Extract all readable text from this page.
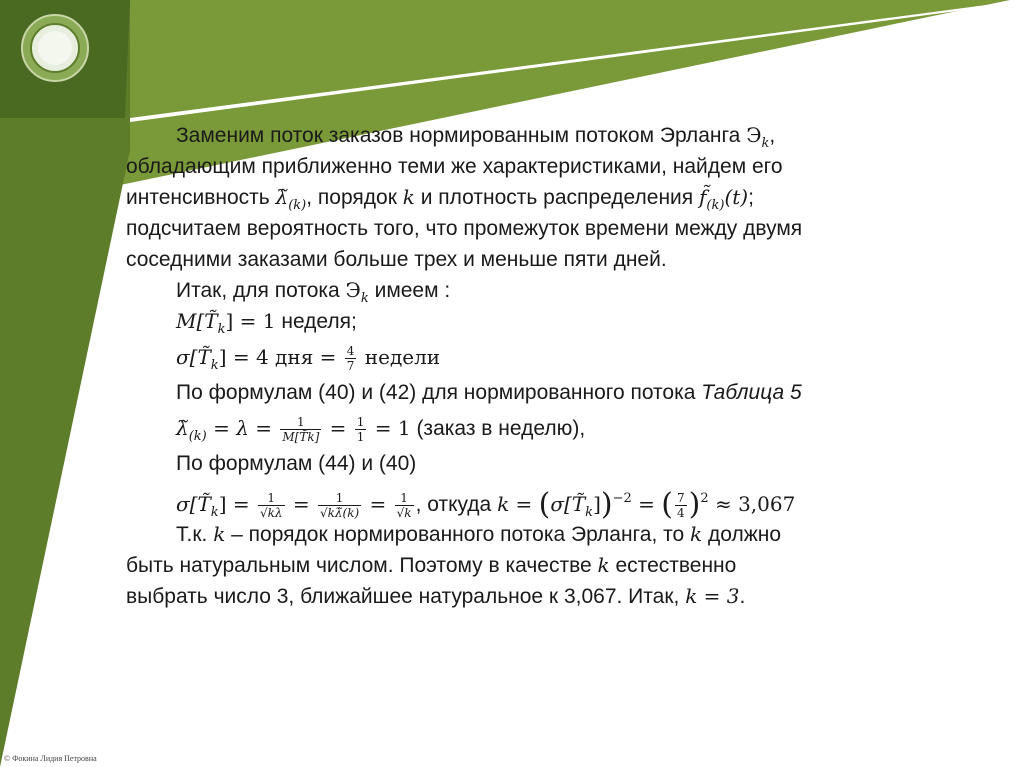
Заменим поток заказов нормированным потоком Эрланга $Э_k$,
обладающим приближенно теми же характеристиками, найдем его
интенсивность $\lambdã_{(k)}$, порядок k и плотность распределения $f̃_{(k)}(t)$;
подсчитаем вероятность того, что промежуток времени между двумя
соседними заказами больше трех и меньше пяти дней.
Итак, для потока $Э_k$ имеем :
$M[T̃_k] = 1$ неделя;
$\sigma[T̃_k] = 4$ дня = $\frac{4}{7}$ недели
По формулам (40) и (42) для нормированного потока Таблица 5
$\lambdã_{(k)} = \lambda = \frac{1}{M[T̃k]} = \frac{1}{1} = 1$ (заказ в неделю),
По формулам (44) и (40)
$\sigma[T̃_k] = \frac{1}{√k\lambda} = \frac{1}{√k\lambdã(k)} = \frac{1}{√k}$ , откуда $k = (\sigma[T̃_k])^{-2}$ = ( $\frac{7}{4} )^2 \approx 3,067$
Т.к. k – порядок нормированного потока Эрланга, то k должно
быть натуральным числом. Поэтому в качестве k естественно
выбрать число 3, ближайшее натуральное к 3,067. Итак, k = 3.
© Фокина Лидия Петровна
